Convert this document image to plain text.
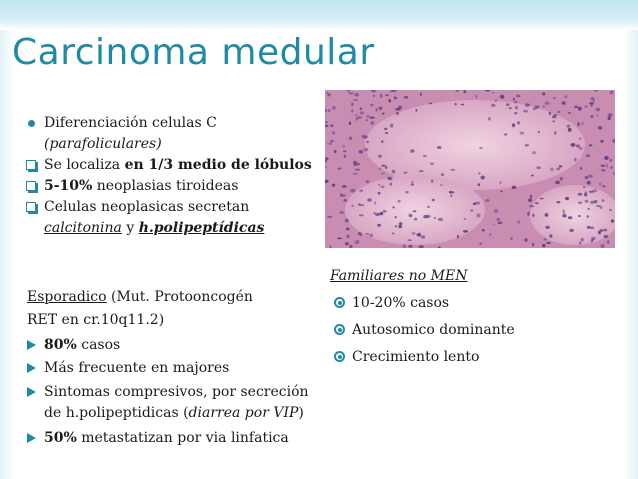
Carcinoma medular
Diferenciación celulas C
(parafoliculares)
Se localiza en 1/3 medio de lóbulos
5-10% neoplasias tiroideas
Celulas neoplasicas secretan
calcitonina y h.polipeptídicas
Esporadico (Mut. Protooncogén
RET en cr.10q11.2)
80% casos
Más frecuente en majores
Sintomas compresivos, por secreción
de h.polipeptidicas (diarrea por VIP)
50% metastatizan por via linfatica
Familiares no MEN
10-20% casos
Autosomico dominante
Crecimiento lento
